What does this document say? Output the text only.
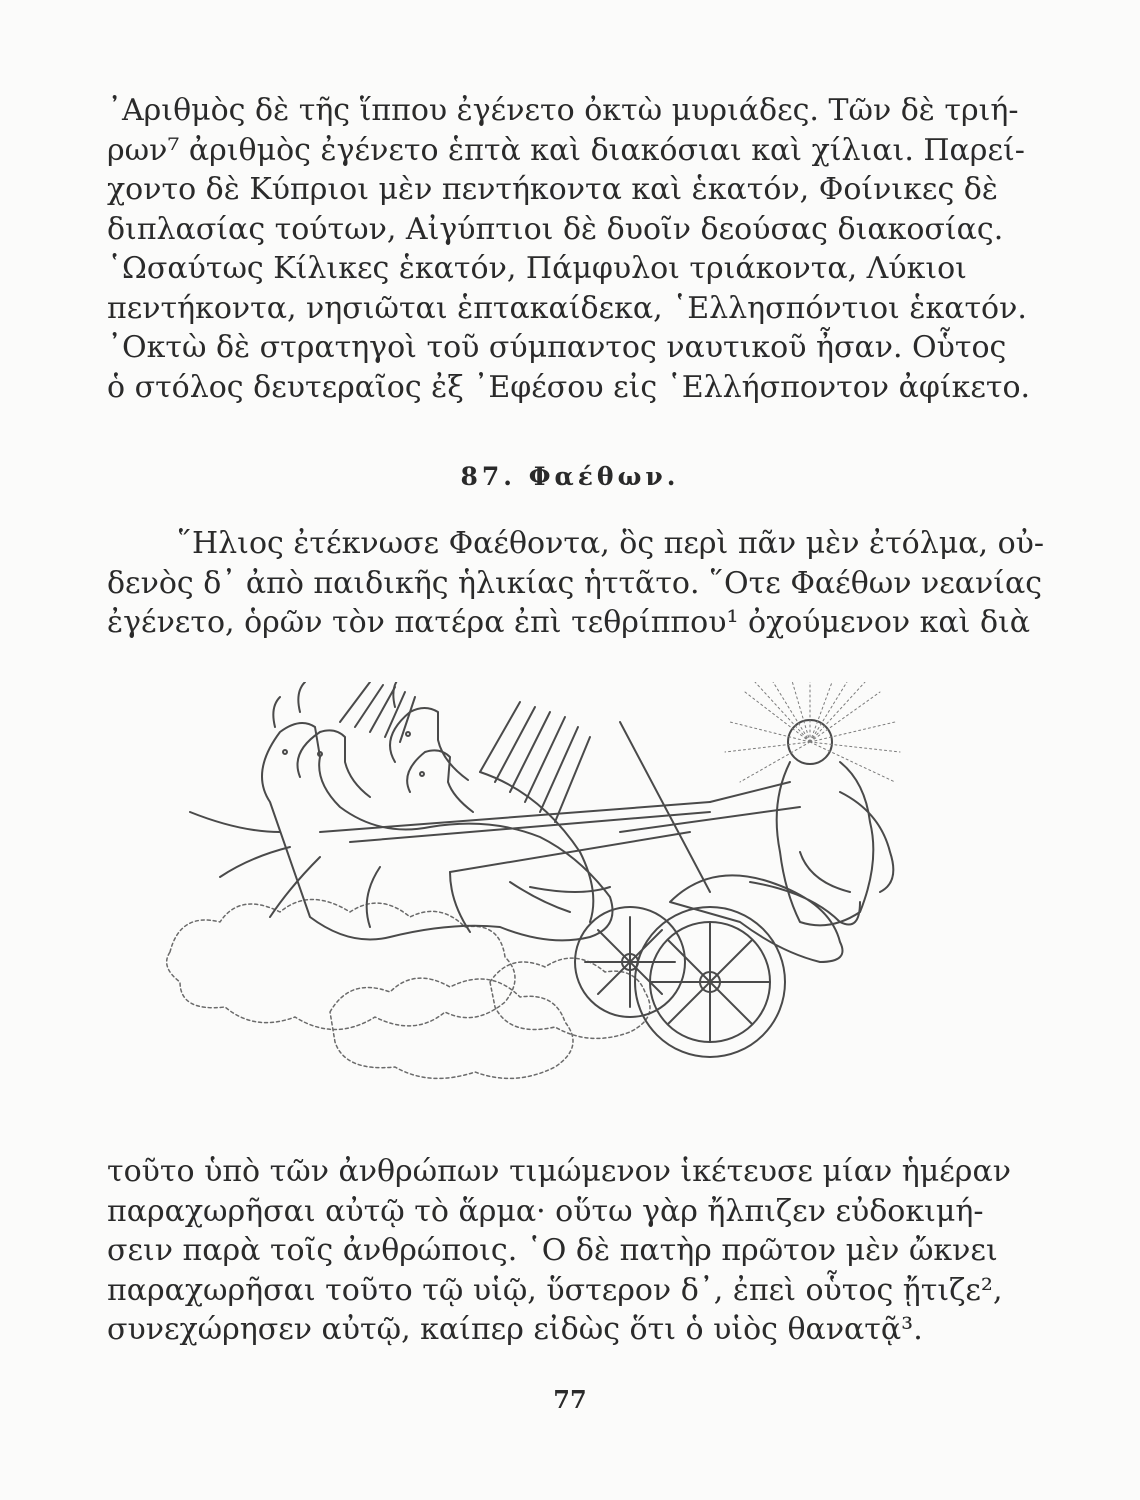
᾿Αριθμὸς δὲ τῆς ἵππου ἐγένετο ὀκτὼ μυριάδες. Τῶν δὲ τριή-
ρων⁷ ἀριθμὸς ἐγένετο ἑπτὰ καὶ διακόσιαι καὶ χίλιαι. Παρεί-
χοντο δὲ Κύπριοι μὲν πεντήκοντα καὶ ἑκατόν, Φοίνικες δὲ
διπλασίας τούτων, Αἰγύπτιοι δὲ δυοῖν δεούσας διακοσίας.
῾Ωσαύτως Κίλικες ἑκατόν, Πάμφυλοι τριάκοντα, Λύκιοι
πεντήκοντα, νησιῶται ἑπτακαίδεκα, ῾Ελλησπόντιοι ἑκατόν.
᾿Οκτὼ δὲ στρατηγοὶ τοῦ σύμπαντος ναυτικοῦ ἦσαν. Οὗτος
ὁ στόλος δευτεραῖος ἐξ ᾿Εφέσου εἰς ῾Ελλήσποντον ἀφίκετο.
87. Φαέθων.
῞Ηλιος ἐτέκνωσε Φαέθοντα, ὃς περὶ πᾶν μὲν ἐτόλμα, οὐ-
δενὸς δ᾿ ἀπὸ παιδικῆς ἡλικίας ἡττᾶτο. ῞Οτε Φαέθων νεανίας
ἐγένετο, ὁρῶν τὸν πατέρα ἐπὶ τεθρίππου¹ ὀχούμενον καὶ διὰ
τοῦτο ὑπὸ τῶν ἀνθρώπων τιμώμενον ἱκέτευσε μίαν ἡμέραν
παραχωρῆσαι αὐτῷ τὸ ἅρμα· οὕτω γὰρ ἤλπιζεν εὐδοκιμή-
σειν παρὰ τοῖς ἀνθρώποις. ῾Ο δὲ πατὴρ πρῶτον μὲν ὤκνει
παραχωρῆσαι τοῦτο τῷ υἱῷ, ὕστερον δ᾿, ἐπεὶ οὗτος ᾔτιζε²,
συνεχώρησεν αὐτῷ, καίπερ εἰδὼς ὅτι ὁ υἱὸς θανατᾷ³.
77
